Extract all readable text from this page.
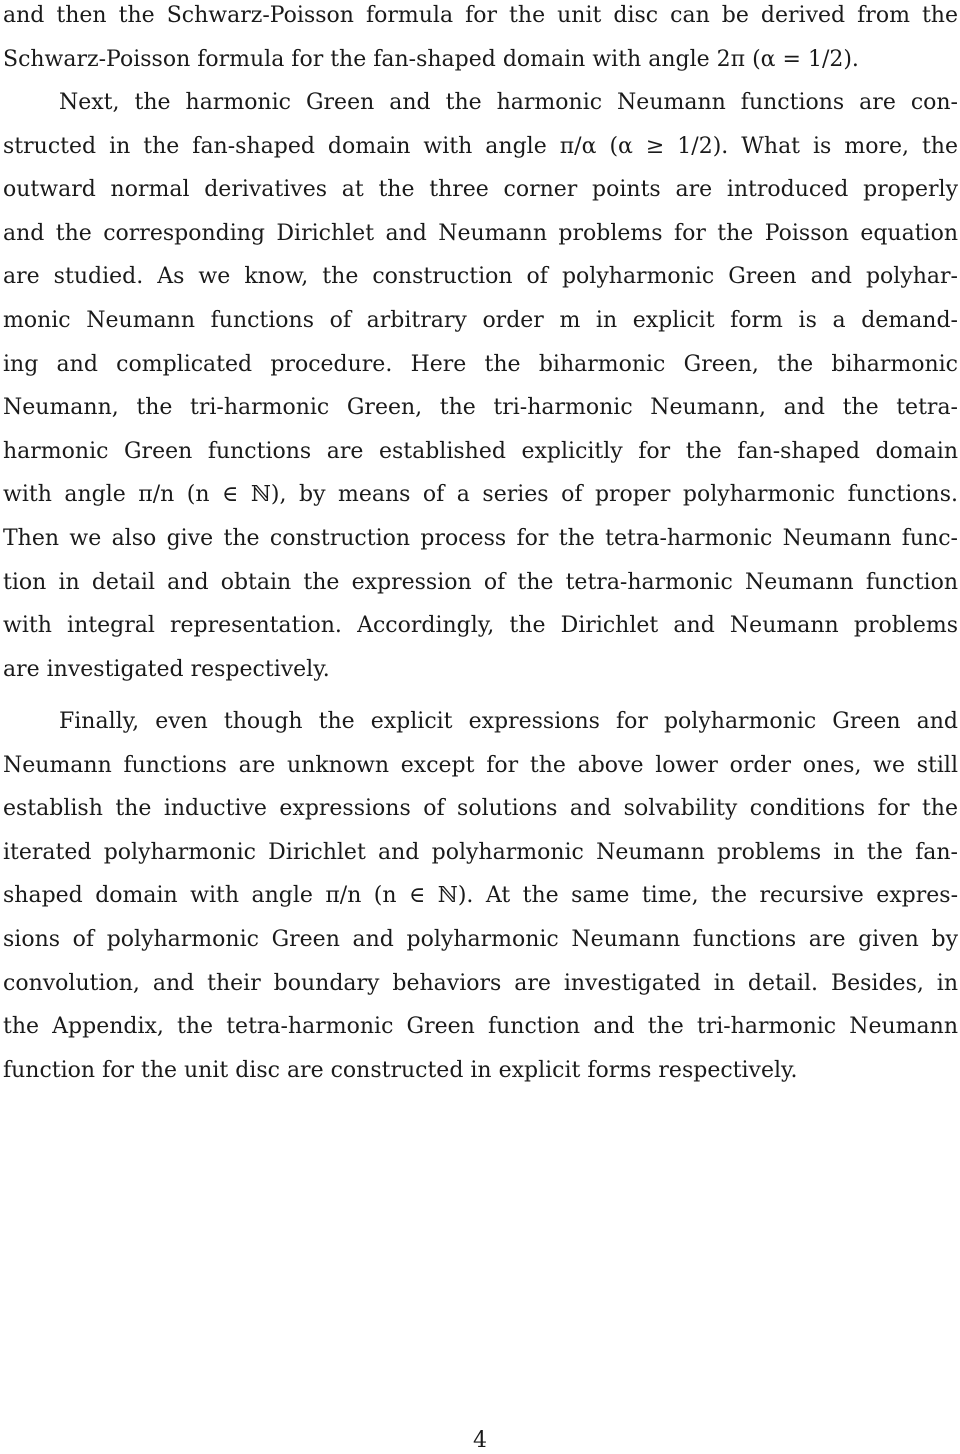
and then the Schwarz-Poisson formula for the unit disc can be derived from the
Schwarz-Poisson formula for the fan-shaped domain with angle 2π (α = 1/2).
Next, the harmonic Green and the harmonic Neumann functions are con-
structed in the fan-shaped domain with angle π/α (α ≥ 1/2). What is more, the
outward normal derivatives at the three corner points are introduced properly
and the corresponding Dirichlet and Neumann problems for the Poisson equation
are studied. As we know, the construction of polyharmonic Green and polyhar-
monic Neumann functions of arbitrary order m in explicit form is a demand-
ing and complicated procedure. Here the biharmonic Green, the biharmonic
Neumann, the tri-harmonic Green, the tri-harmonic Neumann, and the tetra-
harmonic Green functions are established explicitly for the fan-shaped domain
with angle π/n (n ∈ ℕ), by means of a series of proper polyharmonic functions.
Then we also give the construction process for the tetra-harmonic Neumann func-
tion in detail and obtain the expression of the tetra-harmonic Neumann function
with integral representation. Accordingly, the Dirichlet and Neumann problems
are investigated respectively.
Finally, even though the explicit expressions for polyharmonic Green and
Neumann functions are unknown except for the above lower order ones, we still
establish the inductive expressions of solutions and solvability conditions for the
iterated polyharmonic Dirichlet and polyharmonic Neumann problems in the fan-
shaped domain with angle π/n (n ∈ ℕ). At the same time, the recursive expres-
sions of polyharmonic Green and polyharmonic Neumann functions are given by
convolution, and their boundary behaviors are investigated in detail. Besides, in
the Appendix, the tetra-harmonic Green function and the tri-harmonic Neumann
function for the unit disc are constructed in explicit forms respectively.
4
